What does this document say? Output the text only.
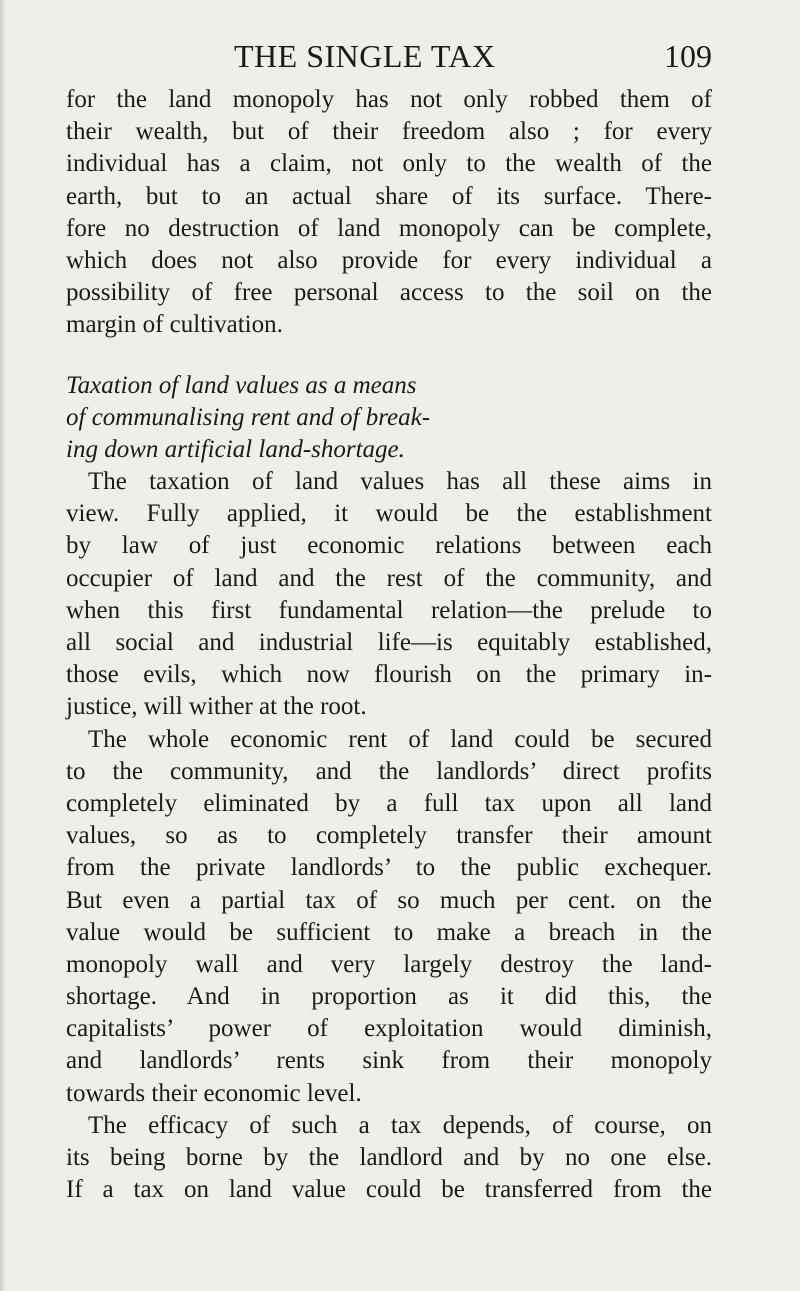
THE SINGLE TAX	109
for the land monopoly has not only robbed them of
their wealth, but of their freedom also ; for every
individual has a claim, not only to the wealth of the
earth, but to an actual share of its surface. There-
fore no destruction of land monopoly can be complete,
which does not also provide for every individual a
possibility of free personal access to the soil on the
margin of cultivation.
Taxation of land values as a means
of communalising rent and of break-
ing down artificial land-shortage.
The taxation of land values has all these aims in
view. Fully applied, it would be the establishment
by law of just economic relations between each
occupier of land and the rest of the community, and
when this first fundamental relation—the prelude to
all social and industrial life—is equitably established,
those evils, which now flourish on the primary in-
justice, will wither at the root.
The whole economic rent of land could be secured
to the community, and the landlords’ direct profits
completely eliminated by a full tax upon all land
values, so as to completely transfer their amount
from the private landlords’ to the public exchequer.
But even a partial tax of so much per cent. on the
value would be sufficient to make a breach in the
monopoly wall and very largely destroy the land-
shortage. And in proportion as it did this, the
capitalists’ power of exploitation would diminish,
and landlords’ rents sink from their monopoly
towards their economic level.
The efficacy of such a tax depends, of course, on
its being borne by the landlord and by no one else.
If a tax on land value could be transferred from the
